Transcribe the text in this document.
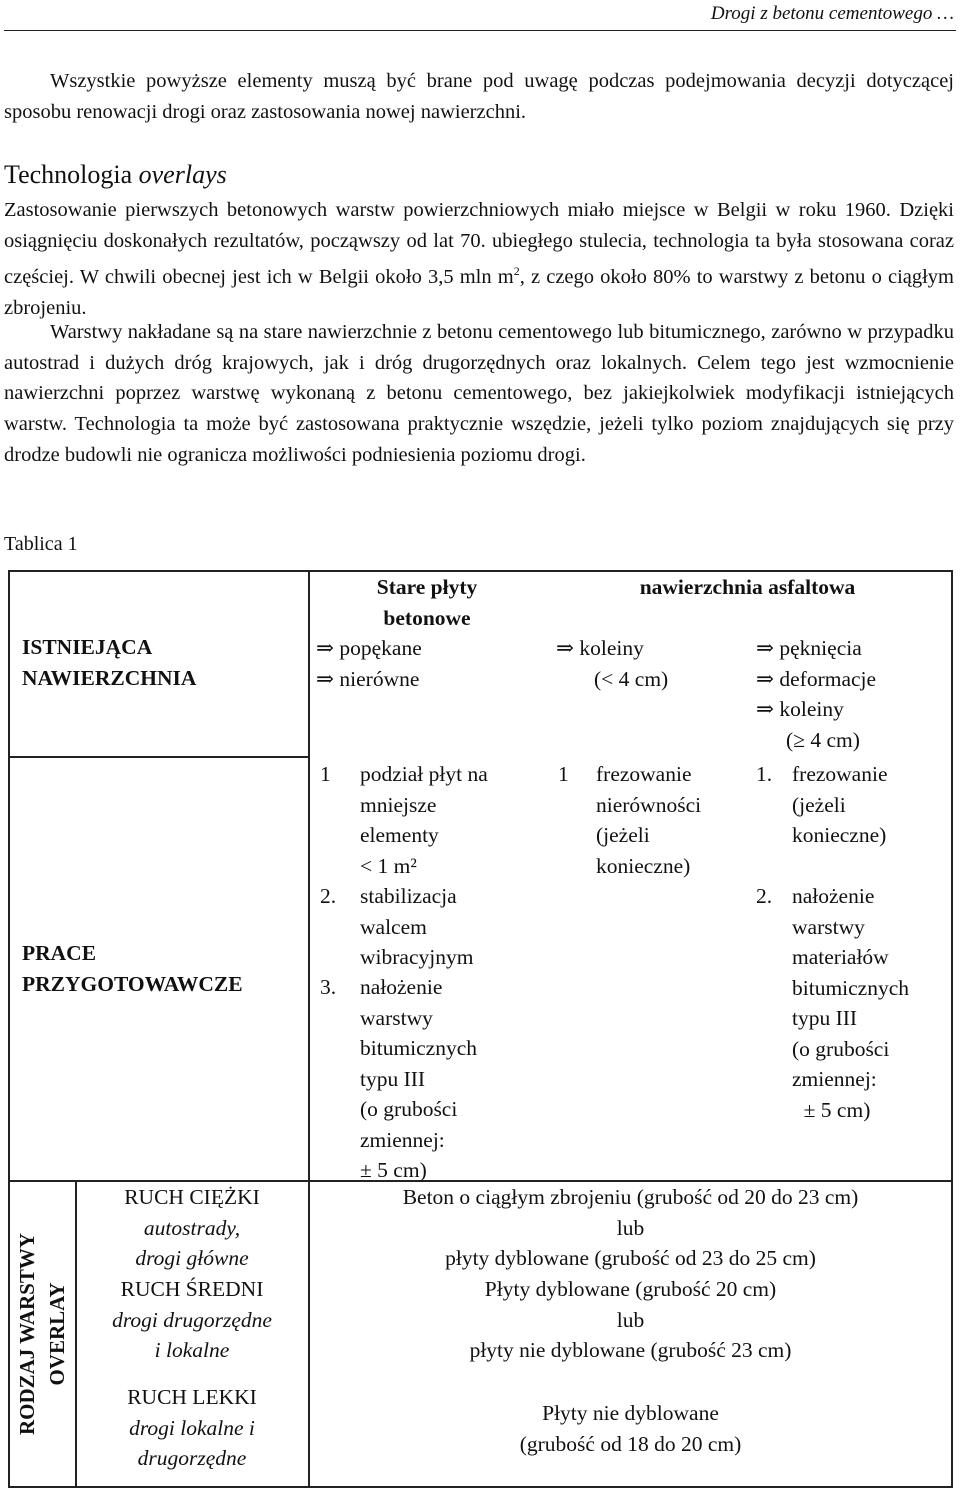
Drogi z betonu cementowego …

Wszystkie powyższe elementy muszą być brane pod uwagę podczas podejmowania decyzji dotyczącej sposobu renowacji drogi oraz zastosowania nowej nawierzchni.

Technologia overlays

Zastosowanie pierwszych betonowych warstw powierzchniowych miało miejsce w Belgii w roku 1960. Dzięki osiągnięciu doskonałych rezultatów, począwszy od lat 70. ubiegłego stulecia, technologia ta była stosowana coraz częściej. W chwili obecnej jest ich w Belgii około 3,5 mln $m^2$, z czego około 80% to warstwy z betonu o ciągłym zbrojeniu.

Warstwy nakładane są na stare nawierzchnie z betonu cementowego lub bitumicznego, zarówno w przypadku autostrad i dużych dróg krajowych, jak i dróg drugorzędnych oraz lokalnych. Celem tego jest wzmocnienie nawierzchni poprzez warstwę wykonaną z betonu cementowego, bez jakiejkolwiek modyfikacji istniejących warstw. Technologia ta może być zastosowana praktycznie wszędzie, jeżeli tylko poziom znajdujących się przy drodze budowli nie ogranicza możliwości podniesienia poziomu drogi.

Tablica 1
Stare płyty
betonowe
nawierzchnia asfaltowa
ISTNIEJĄCA
NAWIERZCHNIA
⇒ popękane
⇒ nierówne
⇒ koleiny
(< 4 cm)
⇒ pęknięcia
⇒ deformacje
⇒ koleiny
(≥ 4 cm)
PRACE
PRZYGOTOWAWCZE
1 podział płyt na
mniejsze
elementy
< 1 m²
2. stabilizacja
walcem
wibracyjnym
3. nałożenie
warstwy
bitumicznych
typu III
(o grubości
zmiennej:
± 5 cm)
1 frezowanie
nierówności
(jeżeli
konieczne)
1. frezowanie
(jeżeli
konieczne)
2. nałożenie
warstwy
materiałów
bitumicznych
typu III
(o grubości
zmiennej:
± 5 cm)
RODZAJ WARSTWY OVERLAY
RUCH CIĘŻKI
autostrady,
drogi główne
Beton o ciągłym zbrojeniu (grubość od 20 do 23 cm)
lub
płyty dyblowane (grubość od 23 do 25 cm)
RUCH ŚREDNI
drogi drugorzędne
i lokalne
Płyty dyblowane (grubość 20 cm)
lub
płyty nie dyblowane (grubość 23 cm)
RUCH LEKKI
drogi lokalne i
drugorzędne
Płyty nie dyblowane
(grubość od 18 do 20 cm)
